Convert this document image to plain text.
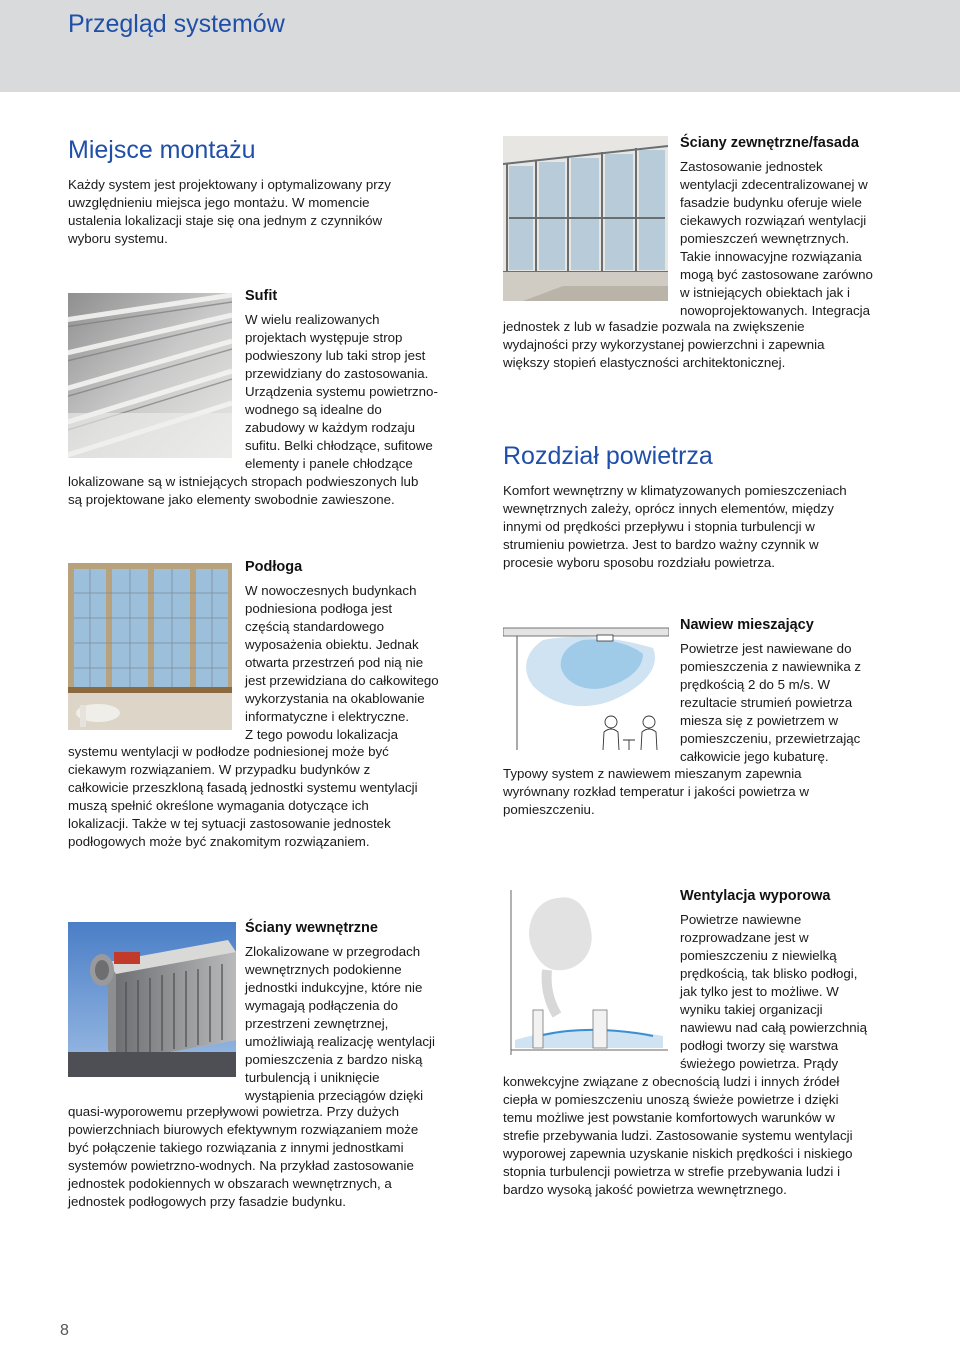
Przegląd systemów
Miejsce montażu
Każdy system jest projektowany i optymalizowany przy
uwzględnieniu miejsca jego montażu. W momencie
ustalenia lokalizacji staje się ona jednym z czynników
wyboru systemu.
Sufit
W wielu realizowanych
projektach występuje strop
podwieszony lub taki strop jest
przewidziany do zastosowania.
Urządzenia systemu powietrzno-
wodnego są idealne do
zabudowy w każdym rodzaju
sufitu. Belki chłodzące, sufitowe
elementy i panele chłodzące
lokalizowane są w istniejących stropach podwieszonych lub
są projektowane jako elementy swobodnie zawieszone.
Podłoga
W nowoczesnych budynkach
podniesiona podłoga jest
częścią standardowego
wyposażenia obiektu. Jednak
otwarta przestrzeń pod nią nie
jest przewidziana do całkowitego
wykorzystania na okablowanie
informatyczne i elektryczne.
Z tego powodu lokalizacja
systemu wentylacji w podłodze podniesionej może być
ciekawym rozwiązaniem. W przypadku budynków z
całkowicie przeszkloną fasadą jednostki systemu wentylacji
muszą spełnić określone wymagania dotyczące ich
lokalizacji. Także w tej sytuacji zastosowanie jednostek
podłogowych może być znakomitym rozwiązaniem.
Ściany wewnętrzne
Zlokalizowane w przegrodach
wewnętrznych podokienne
jednostki indukcyjne, które nie
wymagają podłączenia do
przestrzeni zewnętrznej,
umożliwiają realizację wentylacji
pomieszczenia z bardzo niską
turbulencją i uniknięcie
wystąpienia przeciągów dzięki
quasi-wyporowemu przepływowi powietrza. Przy dużych
powierzchniach biurowych efektywnym rozwiązaniem może
być połączenie takiego rozwiązania z innymi jednostkami
systemów powietrzno-wodnych. Na przykład zastosowanie
jednostek podokiennych w obszarach wewnętrznych, a
jednostek podłogowych przy fasadzie budynku.
Ściany zewnętrzne/fasada
Zastosowanie jednostek
wentylacji zdecentralizowanej w
fasadzie budynku oferuje wiele
ciekawych rozwiązań wentylacji
pomieszczeń wewnętrznych.
Takie innowacyjne rozwiązania
mogą być zastosowane zarówno
w istniejących obiektach jak i
nowoprojektowanych. Integracja
jednostek z lub w fasadzie pozwala na zwiększenie
wydajności przy wykorzystanej powierzchni i zapewnia
większy stopień elastyczności architektonicznej.
Rozdział powietrza
Komfort wewnętrzny w klimatyzowanych pomieszczeniach
wewnętrznych zależy, oprócz innych elementów, między
innymi od prędkości przepływu i stopnia turbulencji w
strumieniu powietrza. Jest to bardzo ważny czynnik w
procesie wyboru sposobu rozdziału powietrza.
Nawiew mieszający
Powietrze jest nawiewane do
pomieszczenia z nawiewnika z
prędkością 2 do 5 m/s. W
rezultacie strumień powietrza
miesza się z powietrzem w
pomieszczeniu, przewietrzając
całkowicie jego kubaturę.
Typowy system z nawiewem mieszanym zapewnia
wyrównany rozkład temperatur i jakości powietrza w
pomieszczeniu.
Wentylacja wyporowa
Powietrze nawiewne
rozprowadzane jest w
pomieszczeniu z niewielką
prędkością, tak blisko podłogi,
jak tylko jest to możliwe. W
wyniku takiej organizacji
nawiewu nad całą powierzchnią
podłogi tworzy się warstwa
świeżego powietrza. Prądy
konwekcyjne związane z obecnością ludzi i innych źródeł
ciepła w pomieszczeniu unoszą świeże powietrze i dzięki
temu możliwe jest powstanie komfortowych warunków w
strefie przebywania ludzi. Zastosowanie systemu wentylacji
wyporowej zapewnia uzyskanie niskich prędkości i niskiego
stopnia turbulencji powietrza w strefie przebywania ludzi i
bardzo wysoką jakość powietrza wewnętrznego.
8
